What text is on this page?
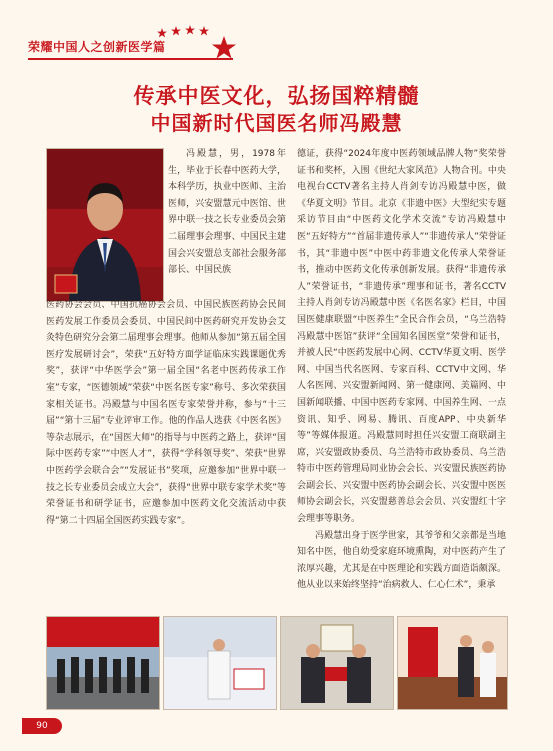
荣耀中国人之创新医学篇
传承中医文化，弘扬国粹精髓
中国新时代国医名师冯殿慧

冯殿慧，男，1978年生，毕业于长春中医药大学，本科学历，执业中医师、主治医师，兴安盟慧元中医馆、世界中联一技之长专业委员会第二届理事会理事、中国民主建国会兴安盟总支部社会服务部部长、中国民族

医药协会会员、中国抗癌协会会员、中国民族医药协会民间医药发展工作委员会委员、中国民间中医药研究开发协会艾灸特色研究分会第二届理事会理事。他师从参加“第五届全国医疗发展研讨会”，荣获“五好特方面学证临床实践课题优秀奖”，获评“中华医学会”第一届全国“名老中医药传承工作室”专家，“医德领域”荣获“中医名医专家”称号、多次荣获国家相关证书。冯殿慧与中国名医专家荣誉并称，参与“十三届”“第十三届”专业评审工作。他的作品人选获《中医名医》等杂志展示，在“国医大师”的指导与中医药之路上，获评“国际中医药专家”“中医人才”，获得“学科领导奖”、荣获“世界中医药学会联合会”“发展证书”奖项，应邀参加“世界中联一技之长专业委员会成立大会”，获得“世界中联专家学术奖”等荣誉证书和研学证书，应邀参加中医药文化交流活动中获得“第二十四届全国医药实践专家”。

德证，获得“2024年度中医药领域品牌人物”奖荣誉证书和奖杯，入围《世纪大家风范》人物合刊。中央电视台CCTV著名主持人肖剑专访冯殿慧中医，做《华夏文明》节目。北京《非遗中医》大型纪实专题采访节目由“中医药文化学术交流”专访冯殿慧中医“五好特方”“首届非遗传承人”“非遗传承人”荣誉证书，其“非遗中医”中医中药非遗文化传承人荣誉证书，推动中医药文化传承创新发展。获得“非遗传承人”荣誉证书，“非遗传承”理事和证书，著名CCTV主持人肖剑专访冯殿慧中医《名医名家》栏目，中国国医健康联盟“中医养生”全民合作会员，“乌兰浩特冯殿慧中医馆”获评“全国知名国医堂”荣誉和证书，并被人民“中医药发展中心网、CCTV华夏文明、医学网、中国当代名医网、专家百科、CCTV中文网、华人名医网、兴安盟新闻网、第一健康网、美篇网、中国新闻联播、中国中医药专家网、中国养生网、一点资讯、知乎、网易、腾讯、百度APP、中央新华等”等媒体报道。冯殿慧同时担任兴安盟工商联副主席，兴安盟政协委员、乌兰浩特市政协委员、乌兰浩特市中医药管理局同业协会会长、兴安盟民族医药协会副会长、兴安盟中医药协会副会长、兴安盟中医医师协会副会长，兴安盟慈善总会会员、兴安盟红十字会理事等职务。

冯殿慧出身于医学世家，其爷爷和父亲都是当地知名中医，他自幼受家庭环境熏陶，对中医药产生了浓厚兴趣，尤其是在中医理论和实践方面造诣颇深。他从业以来始终坚持“治病救人、仁心仁术”，秉承

90
